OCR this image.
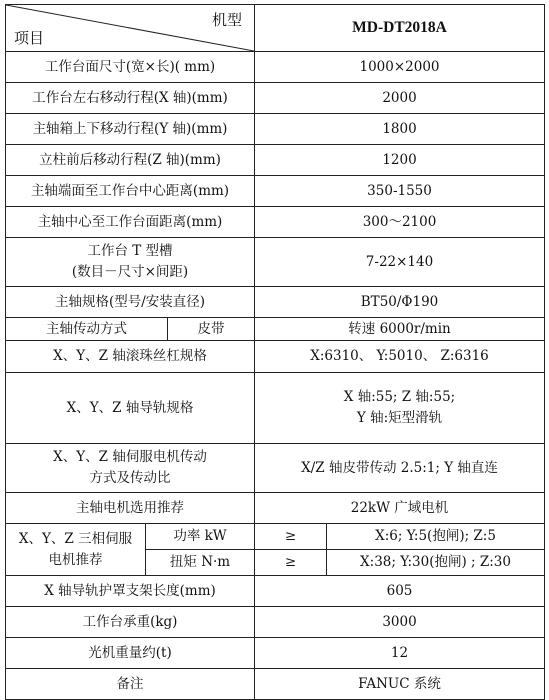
机型
项目			MD-DT2018A	
工作台面尺寸(宽×长)( mm)			1000×2000	
工作台左右移动行程(X 轴)(mm)			2000	
主轴箱上下移动行程(Y 轴)(mm)			1800	
立柱前后移动行程(Z 轴)(mm)			1200	
主轴端面至工作台中心距离(mm)			350-1550	
主轴中心至工作台面距离(mm)			300～2100	

工作台 T 型槽
(数目－尺寸×间距)			7-22×140	
主轴规格(型号/安装直径)			BT50/Φ190	
主轴传动方式		皮带	转速 6000r/min	
X、Y、Z 轴滚珠丝杠规格			X:6310、 Y:5010、 Z:6316	
X、Y、Z 轴导轨规格			X 轴:55; Z 轴:55;
Y 轴:矩型滑轨	

X、Y、Z 轴伺服电机传动
方式及传动比			X/Z 轴皮带传动 2.5:1; Y 轴直连	
主轴电机选用推荐			22kW 广域电机	

X、Y、Z 三相伺服
电机推荐	功率 kW		≥	X:6; Y:5(抱闸); Z:5
	扭矩 N·m		≥	X:38; Y:30(抱闸) ; Z:30
X 轴导轨护罩支架长度(mm)			605	
工作台承重(kg)			3000	
光机重量约(t)			12	
备注			FANUC 系统	
